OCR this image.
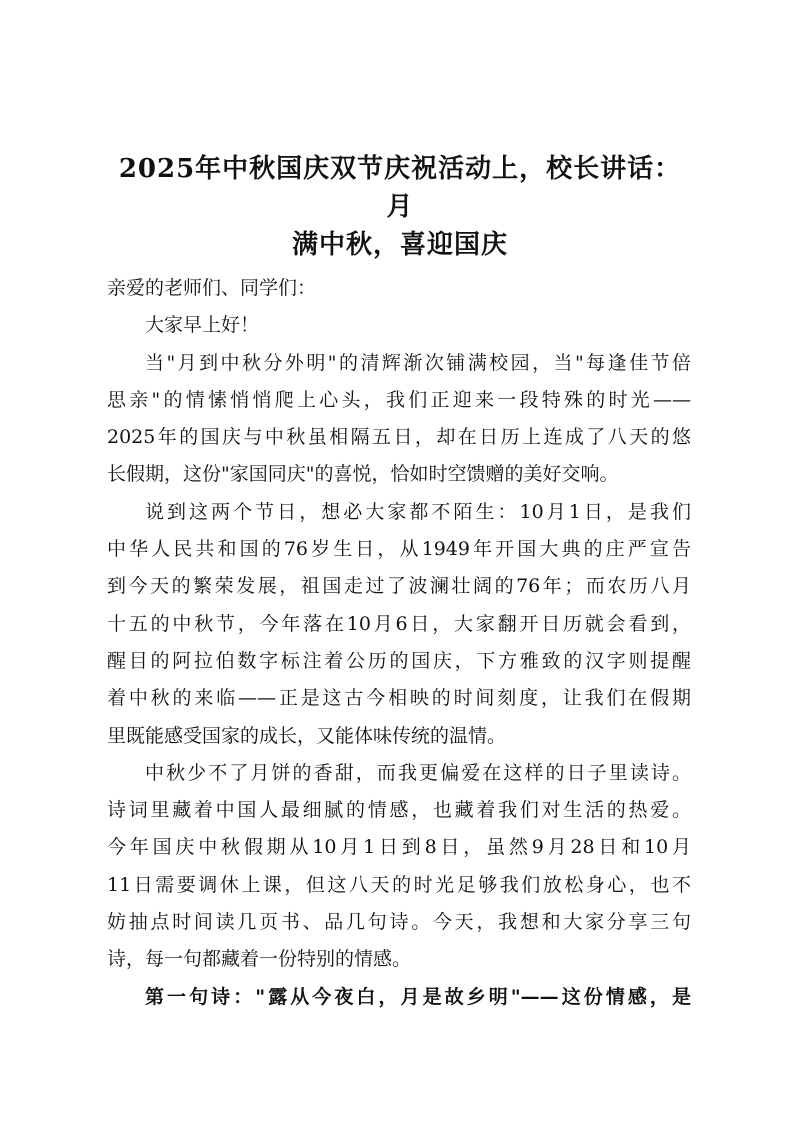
2025年中秋国庆双节庆祝活动上，校长讲话：月
满中秋，喜迎国庆
亲爱的老师们、同学们：
大家早上好！
当"月到中秋分外明"的清辉渐次铺满校园，当"每逢佳节倍
思亲"的情愫悄悄爬上心头，我们正迎来一段特殊的时光——
2025年的国庆与中秋虽相隔五日，却在日历上连成了八天的悠
长假期，这份"家国同庆"的喜悦，恰如时空馈赠的美好交响。
说到这两个节日，想必大家都不陌生：10月1日，是我们
中华人民共和国的76岁生日，从1949年开国大典的庄严宣告
到今天的繁荣发展，祖国走过了波澜壮阔的76年；而农历八月
十五的中秋节，今年落在10月6日，大家翻开日历就会看到，
醒目的阿拉伯数字标注着公历的国庆，下方雅致的汉字则提醒
着中秋的来临——正是这古今相映的时间刻度，让我们在假期
里既能感受国家的成长，又能体味传统的温情。
中秋少不了月饼的香甜，而我更偏爱在这样的日子里读诗。
诗词里藏着中国人最细腻的情感，也藏着我们对生活的热爱。
今年国庆中秋假期从10月1日到8日，虽然9月28日和10月
11日需要调休上课，但这八天的时光足够我们放松身心，也不
妨抽点时间读几页书、品几句诗。今天，我想和大家分享三句
诗，每一句都藏着一份特别的情感。
第一句诗："露从今夜白，月是故乡明"——这份情感，是
